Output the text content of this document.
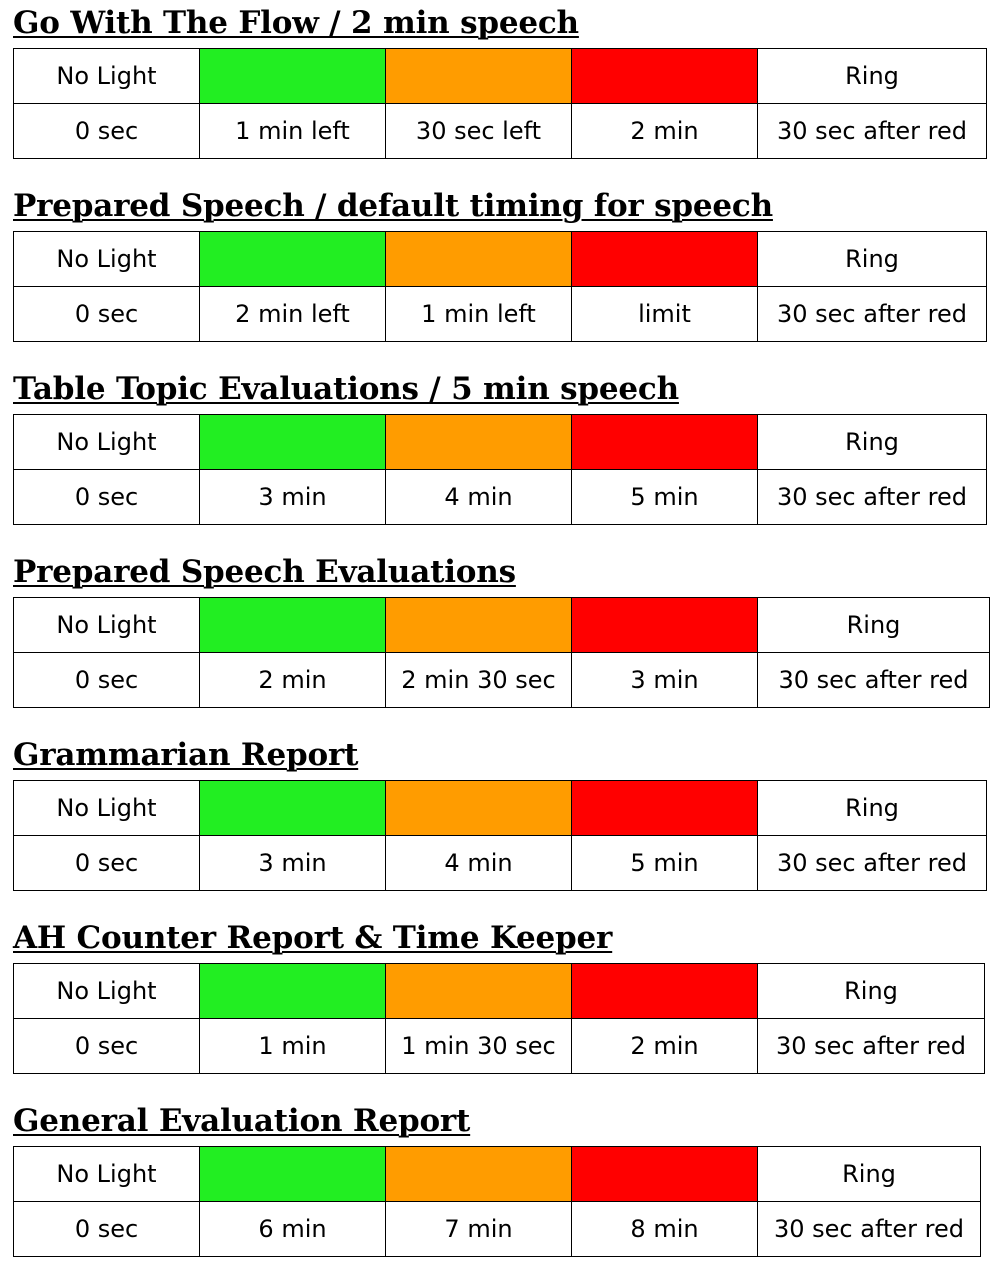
Go With The Flow / 2 min speech
No Light				Ring
0 sec	1 min left	30 sec left	2 min	30 sec after red
Prepared Speech / default timing for speech
No Light				Ring
0 sec	2 min left	1 min left	limit	30 sec after red
Table Topic Evaluations / 5 min speech
No Light				Ring
0 sec	3 min	4 min	5 min	30 sec after red
Prepared Speech Evaluations
No Light				Ring
0 sec	2 min	2 min 30 sec	3 min	30 sec after red
Grammarian Report
No Light				Ring
0 sec	3 min	4 min	5 min	30 sec after red
AH Counter Report & Time Keeper
No Light				Ring
0 sec	1 min	1 min 30 sec	2 min	30 sec after red
General Evaluation Report
No Light				Ring
0 sec	6 min	7 min	8 min	30 sec after red
